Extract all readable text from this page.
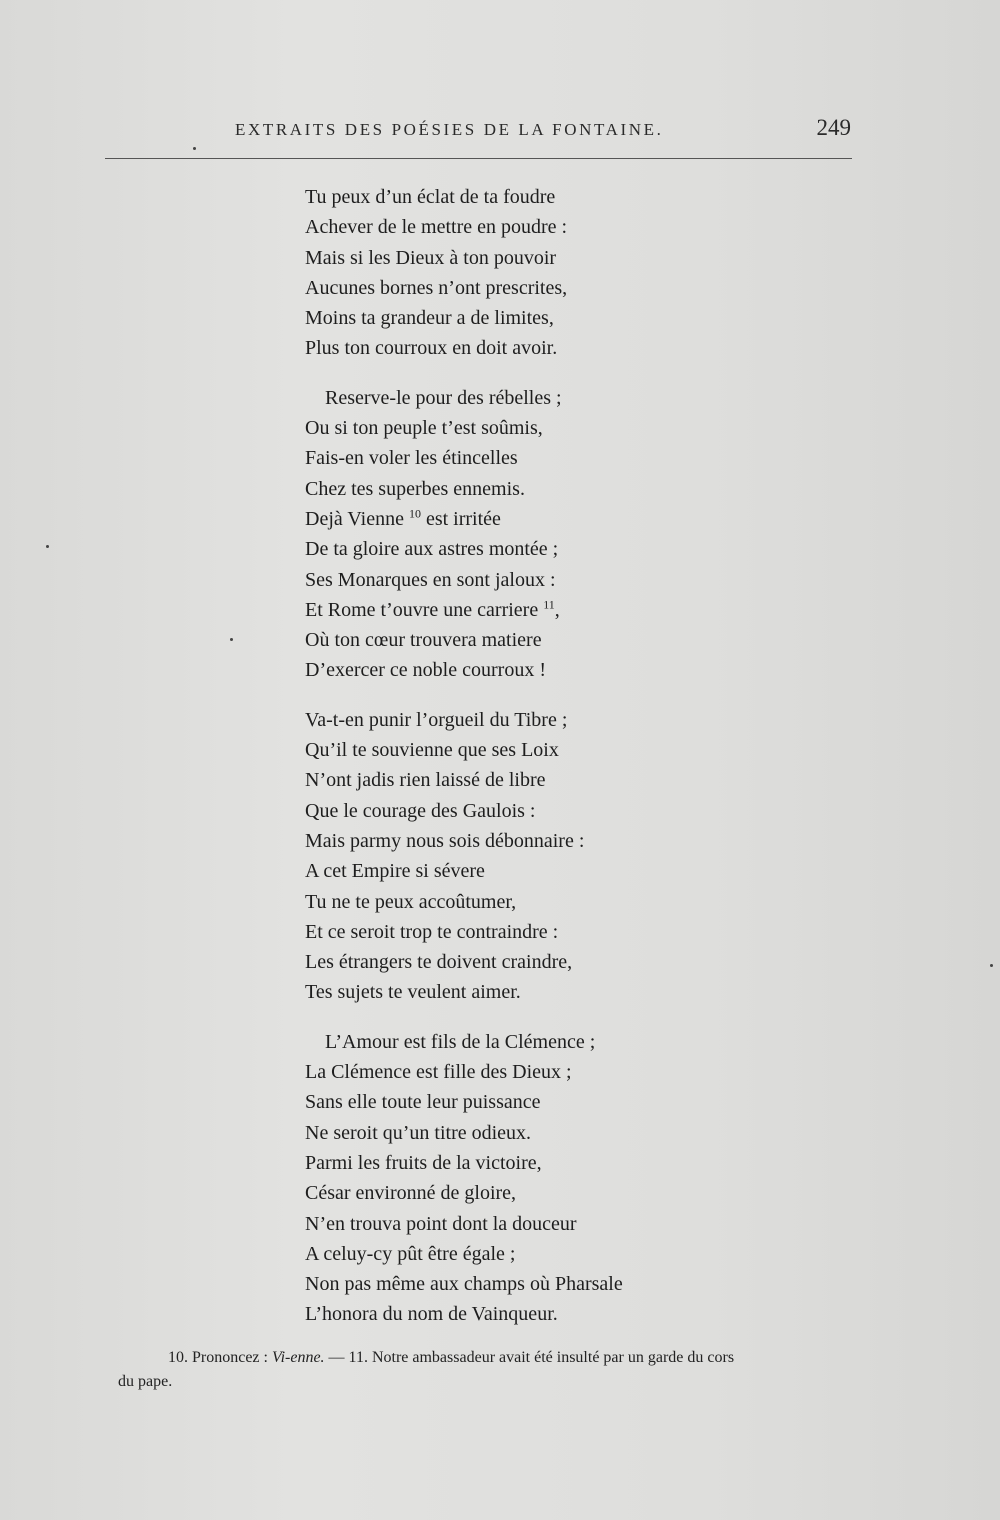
EXTRAITS DES POÉSIES DE LA FONTAINE.	249
Tu peux d’un éclat de ta foudre
Achever de le mettre en poudre :
Mais si les Dieux à ton pouvoir
Aucunes bornes n’ont prescrites,
Moins ta grandeur a de limites,
Plus ton courroux en doit avoir.
Reserve-le pour des rébelles ;
Ou si ton peuple t’est soûmis,
Fais-en voler les étincelles
Chez tes superbes ennemis.
Dejà Vienne $^{10}$ est irritée
De ta gloire aux astres montée ;
Ses Monarques en sont jaloux :
Et Rome t’ouvre une carriere $^{11}$,
Où ton cœur trouvera matiere
D’exercer ce noble courroux !
Va-t-en punir l’orgueil du Tibre ;
Qu’il te souvienne que ses Loix
N’ont jadis rien laissé de libre
Que le courage des Gaulois :
Mais parmy nous sois débonnaire :
A cet Empire si sévere
Tu ne te peux accoûtumer,
Et ce seroit trop te contraindre :
Les étrangers te doivent craindre,
Tes sujets te veulent aimer.
L’Amour est fils de la Clémence ;
La Clémence est fille des Dieux ;
Sans elle toute leur puissance
Ne seroit qu’un titre odieux.
Parmi les fruits de la victoire,
César environné de gloire,
N’en trouva point dont la douceur
A celuy-cy pût être égale ;
Non pas même aux champs où Pharsale
L’honora du nom de Vainqueur.
10. Prononcez : Vi-enne. — 11. Notre ambassadeur avait été insulté par un garde du cors
du pape.
